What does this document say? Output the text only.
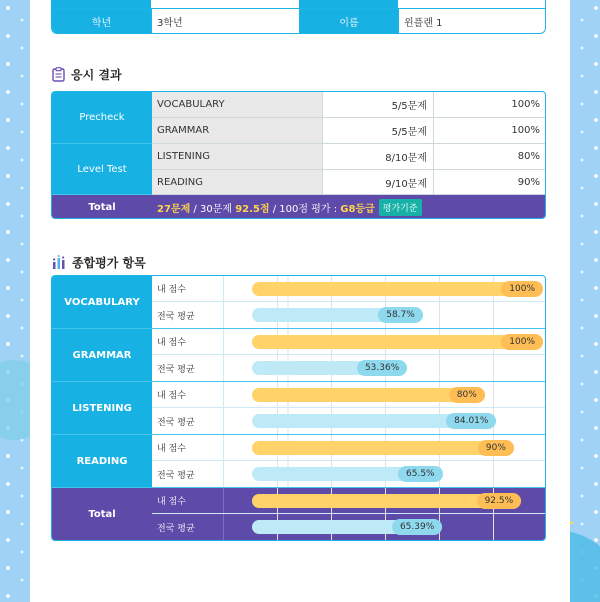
학년	3학년	이름	윈플랜 1
응시 결과
Precheck
VOCABULARY	5/5문제	100%
GRAMMAR	5/5문제	100%
Level Test
LISTENING	8/10문제	80%
READING	9/10문제	90%
Total	27문제 / 30문제 92.5점 / 100점 평가 : G8등급 평가기준
종합평가 항목
VOCABULARY
내 점수	100%
전국 평균	58.7%
GRAMMAR
내 점수	100%
전국 평균	53.36%
LISTENING
내 점수	80%
전국 평균	84.01%
READING
내 점수	90%
전국 평균	65.5%
Total
내 점수	92.5%
전국 평균	65.39%
